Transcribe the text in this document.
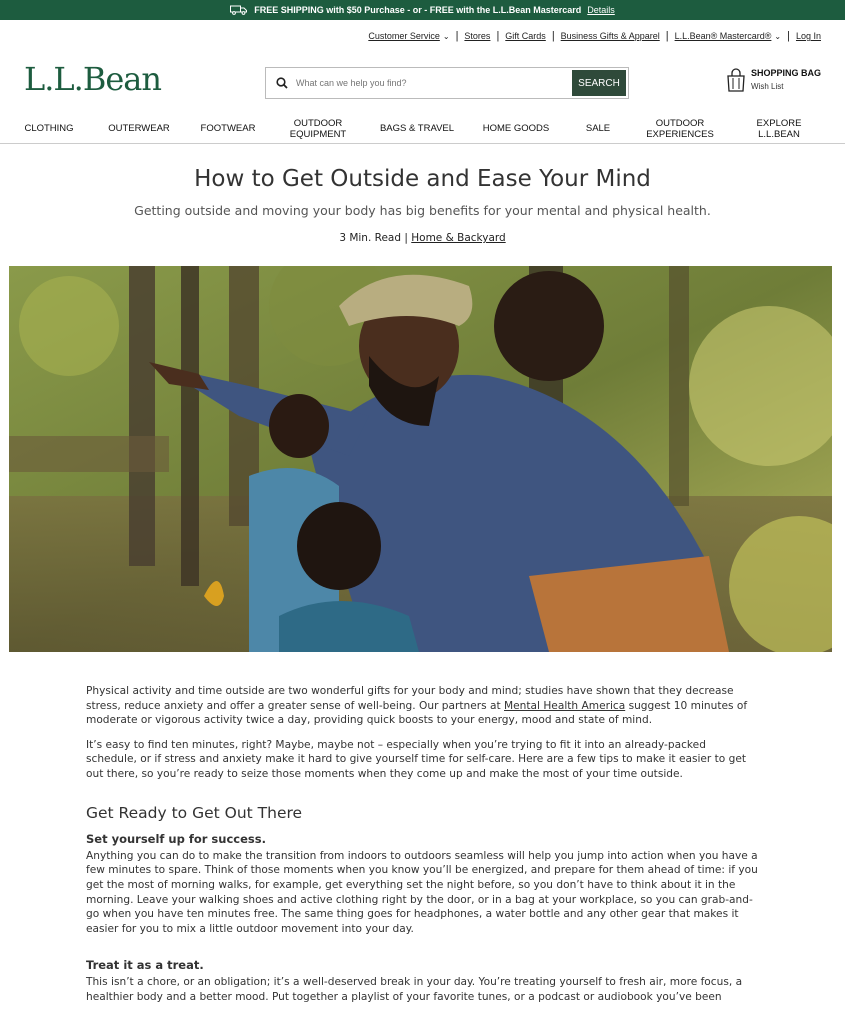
FREE SHIPPING with $50 Purchase - or - FREE with the L.L.Bean Mastercard Details
Customer Service ⌄ | Stores | Gift Cards | Business Gifts & Apparel | L.L.Bean® Mastercard® ⌄ | Log In
L.L.Bean
What can we help you find?	SEARCH
SHOPPING BAG
Wish List
CLOTHING	OUTERWEAR	FOOTWEAR	OUTDOOR
EQUIPMENT
BAGS & TRAVEL	HOME GOODS	SALE	OUTDOOR
EXPERIENCES
EXPLORE
L.L.BEAN
How to Get Outside and Ease Your Mind
Getting outside and moving your body has big benefits for your mental and physical health.
3 Min. Read | Home & Backyard

Physical activity and time outside are two wonderful gifts for your body and mind; studies have shown that they decrease stress, reduce anxiety and offer a greater sense of well-being. Our partners at Mental Health America suggest 10 minutes of moderate or vigorous activity twice a day, providing quick boosts to your energy, mood and state of mind.

It’s easy to find ten minutes, right? Maybe, maybe not – especially when you’re trying to fit it into an already-packed schedule, or if stress and anxiety make it hard to give yourself time for self-care. Here are a few tips to make it easier to get out there, so you’re ready to seize those moments when they come up and make the most of your time outside.

Get Ready to Get Out There
Set yourself up for success.

Anything you can do to make the transition from indoors to outdoors seamless will help you jump into action when you have a few minutes to spare. Think of those moments when you know you’ll be energized, and prepare for them ahead of time: if you get the most of morning walks, for example, get everything set the night before, so you don’t have to think about it in the morning. Leave your walking shoes and active clothing right by the door, or in a bag at your workplace, so you can grab-and-go when you have ten minutes free. The same thing goes for headphones, a water bottle and any other gear that makes it easier for you to mix a little outdoor movement into your day.

Treat it as a treat.

This isn’t a chore, or an obligation; it’s a well-deserved break in your day. You’re treating yourself to fresh air, more focus, a healthier body and a better mood. Put together a playlist of your favorite tunes, or a podcast or audiobook you’ve been
